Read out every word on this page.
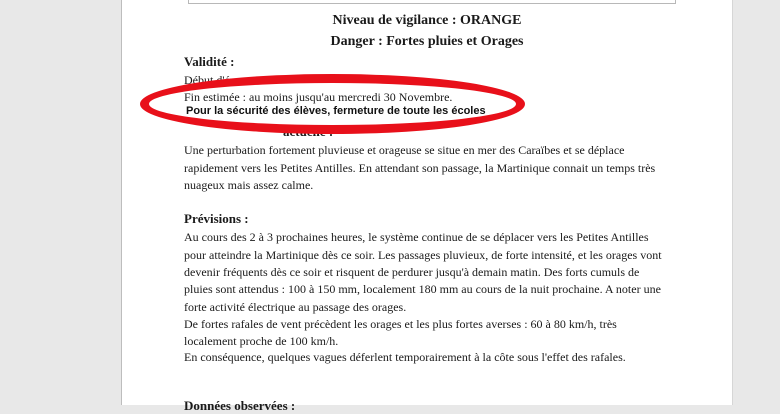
Niveau de vigilance : ORANGE
Danger : Fortes pluies et Orages
Validité :
Début d'év...
Fin estimée : au moins jusqu'au mercredi 30 Novembre.
actuelle :
Une perturbation fortement pluvieuse et orageuse se situe en mer des Caraïbes et se déplace
rapidement vers les Petites Antilles. En attendant son passage, la Martinique connait un temps très
nuageux mais assez calme.
Prévisions :
Au cours des 2 à 3 prochaines heures, le système continue de se déplacer vers les Petites Antilles
pour atteindre la Martinique dès ce soir. Les passages pluvieux, de forte intensité, et les orages vont
devenir fréquents dès ce soir et risquent de perdurer jusqu'à demain matin. Des forts cumuls de
pluies sont attendus : 100 à 150 mm, localement 180 mm au cours de la nuit prochaine. A noter une
forte activité électrique au passage des orages.
De fortes rafales de vent précèdent les orages et les plus fortes averses : 60 à 80 km/h, très
localement proche de 100 km/h.
En conséquence, quelques vagues déferlent temporairement à la côte sous l'effet des rafales.
Données observées :
Pour la sécurité des élèves, fermeture de toute les écoles
